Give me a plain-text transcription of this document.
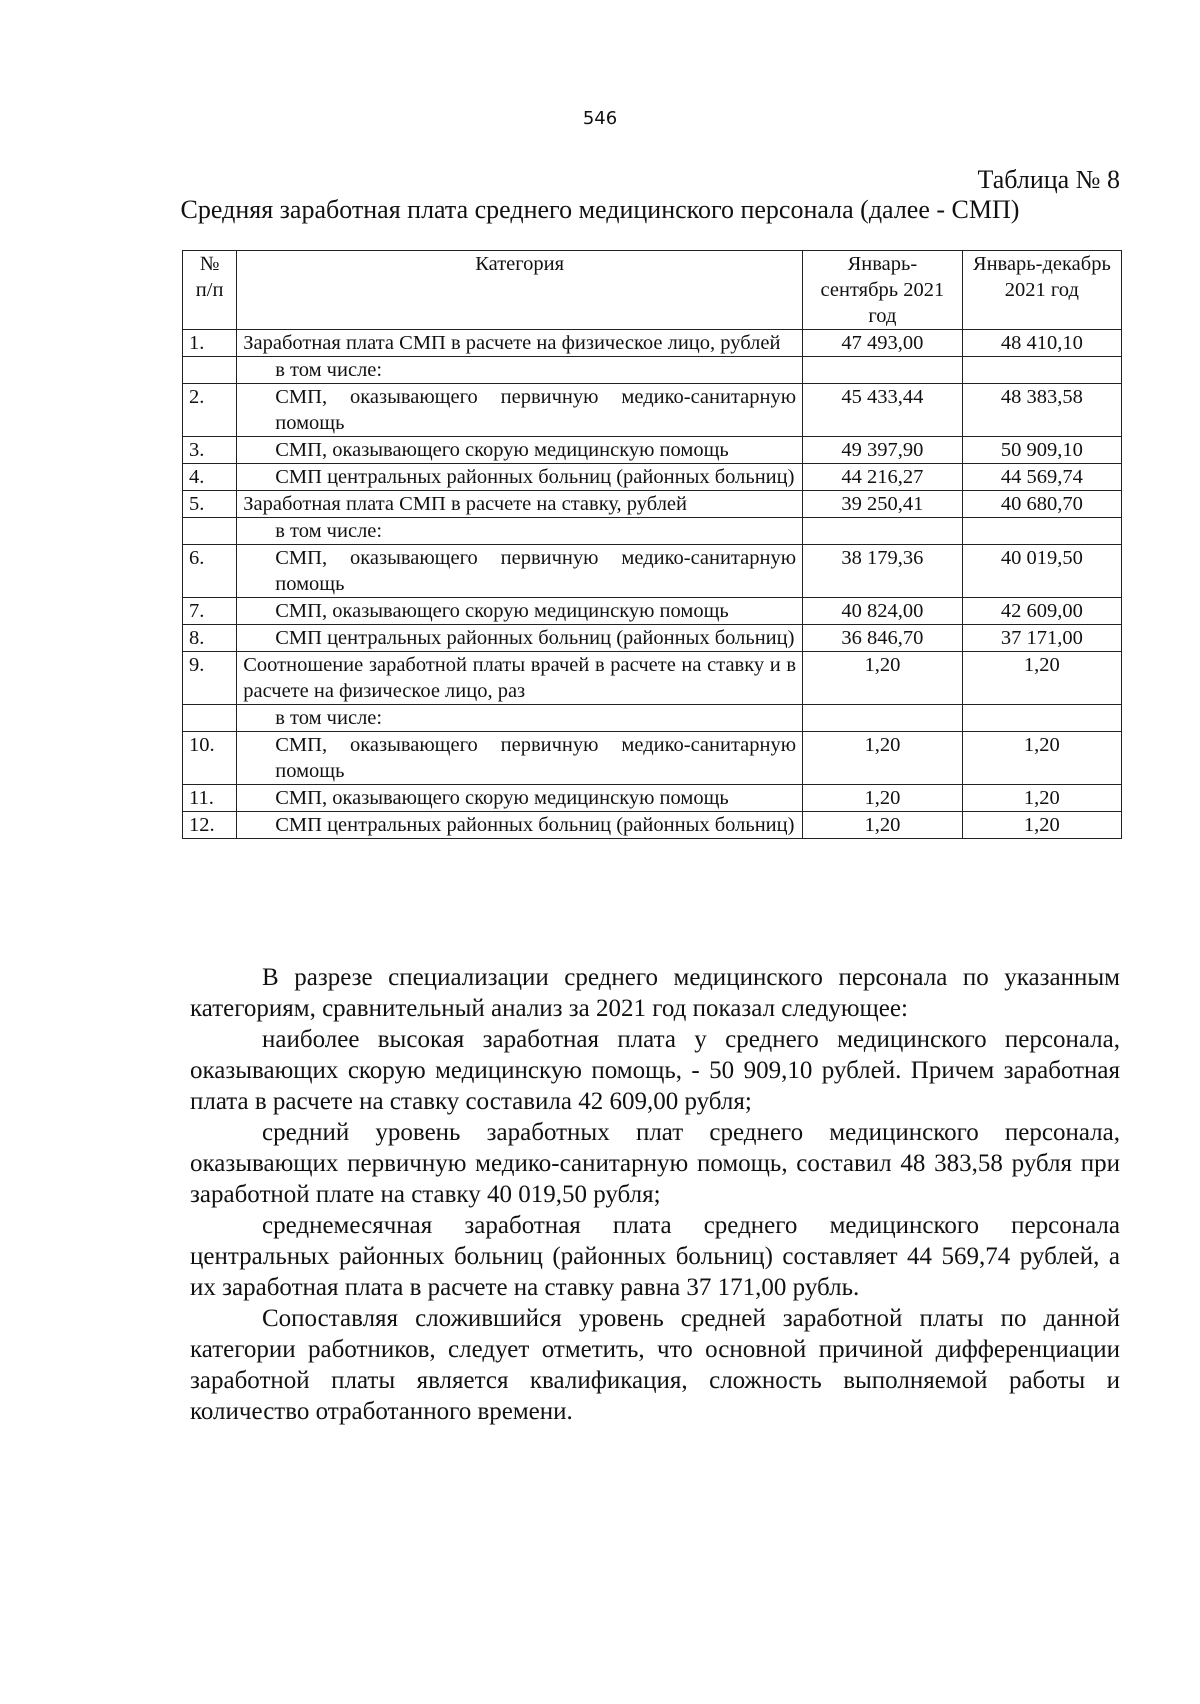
546
Таблица № 8
Средняя заработная плата среднего медицинского персонала (далее - СМП)
№ п/п	Категория	Январь-сентябрь 2021 год	Январь-декабрь 2021 год
1.	Заработная плата СМП в расчете на физическое лицо, рублей	47 493,00	48 410,10
	в том числе:		
2.	СМП, оказывающего первичную медико-санитарную помощь	45 433,44	48 383,58
3.	СМП, оказывающего скорую медицинскую помощь	49 397,90	50 909,10
4.	СМП центральных районных больниц (районных больниц)	44 216,27	44 569,74
5.	Заработная плата СМП в расчете на ставку, рублей	39 250,41	40 680,70
	в том числе:		
6.	СМП, оказывающего первичную медико-санитарную помощь	38 179,36	40 019,50
7.	СМП, оказывающего скорую медицинскую помощь	40 824,00	42 609,00
8.	СМП центральных районных больниц (районных больниц)	36 846,70	37 171,00
9.	Соотношение заработной платы врачей в расчете на ставку и в расчете на физическое лицо, раз	1,20	1,20
	в том числе:		
10.	СМП, оказывающего первичную медико-санитарную помощь	1,20	1,20
11.	СМП, оказывающего скорую медицинскую помощь	1,20	1,20
12.	СМП центральных районных больниц (районных больниц)	1,20	1,20

В разрезе специализации среднего медицинского персонала по указанным категориям, сравнительный анализ за 2021 год показал следующее:

наиболее высокая заработная плата у среднего медицинского персонала, оказывающих скорую медицинскую помощь, - 50 909,10 рублей. Причем заработная плата в расчете на ставку составила 42 609,00 рубля;

средний уровень заработных плат среднего медицинского персонала, оказывающих первичную медико-санитарную помощь, составил 48 383,58 рубля при заработной плате на ставку 40 019,50 рубля;

среднемесячная заработная плата среднего медицинского персонала центральных районных больниц (районных больниц) составляет 44 569,74 рублей, а их заработная плата в расчете на ставку равна 37 171,00 рубль.

Сопоставляя сложившийся уровень средней заработной платы по данной категории работников, следует отметить, что основной причиной дифференциации заработной платы является квалификация, сложность выполняемой работы и количество отработанного времени.
